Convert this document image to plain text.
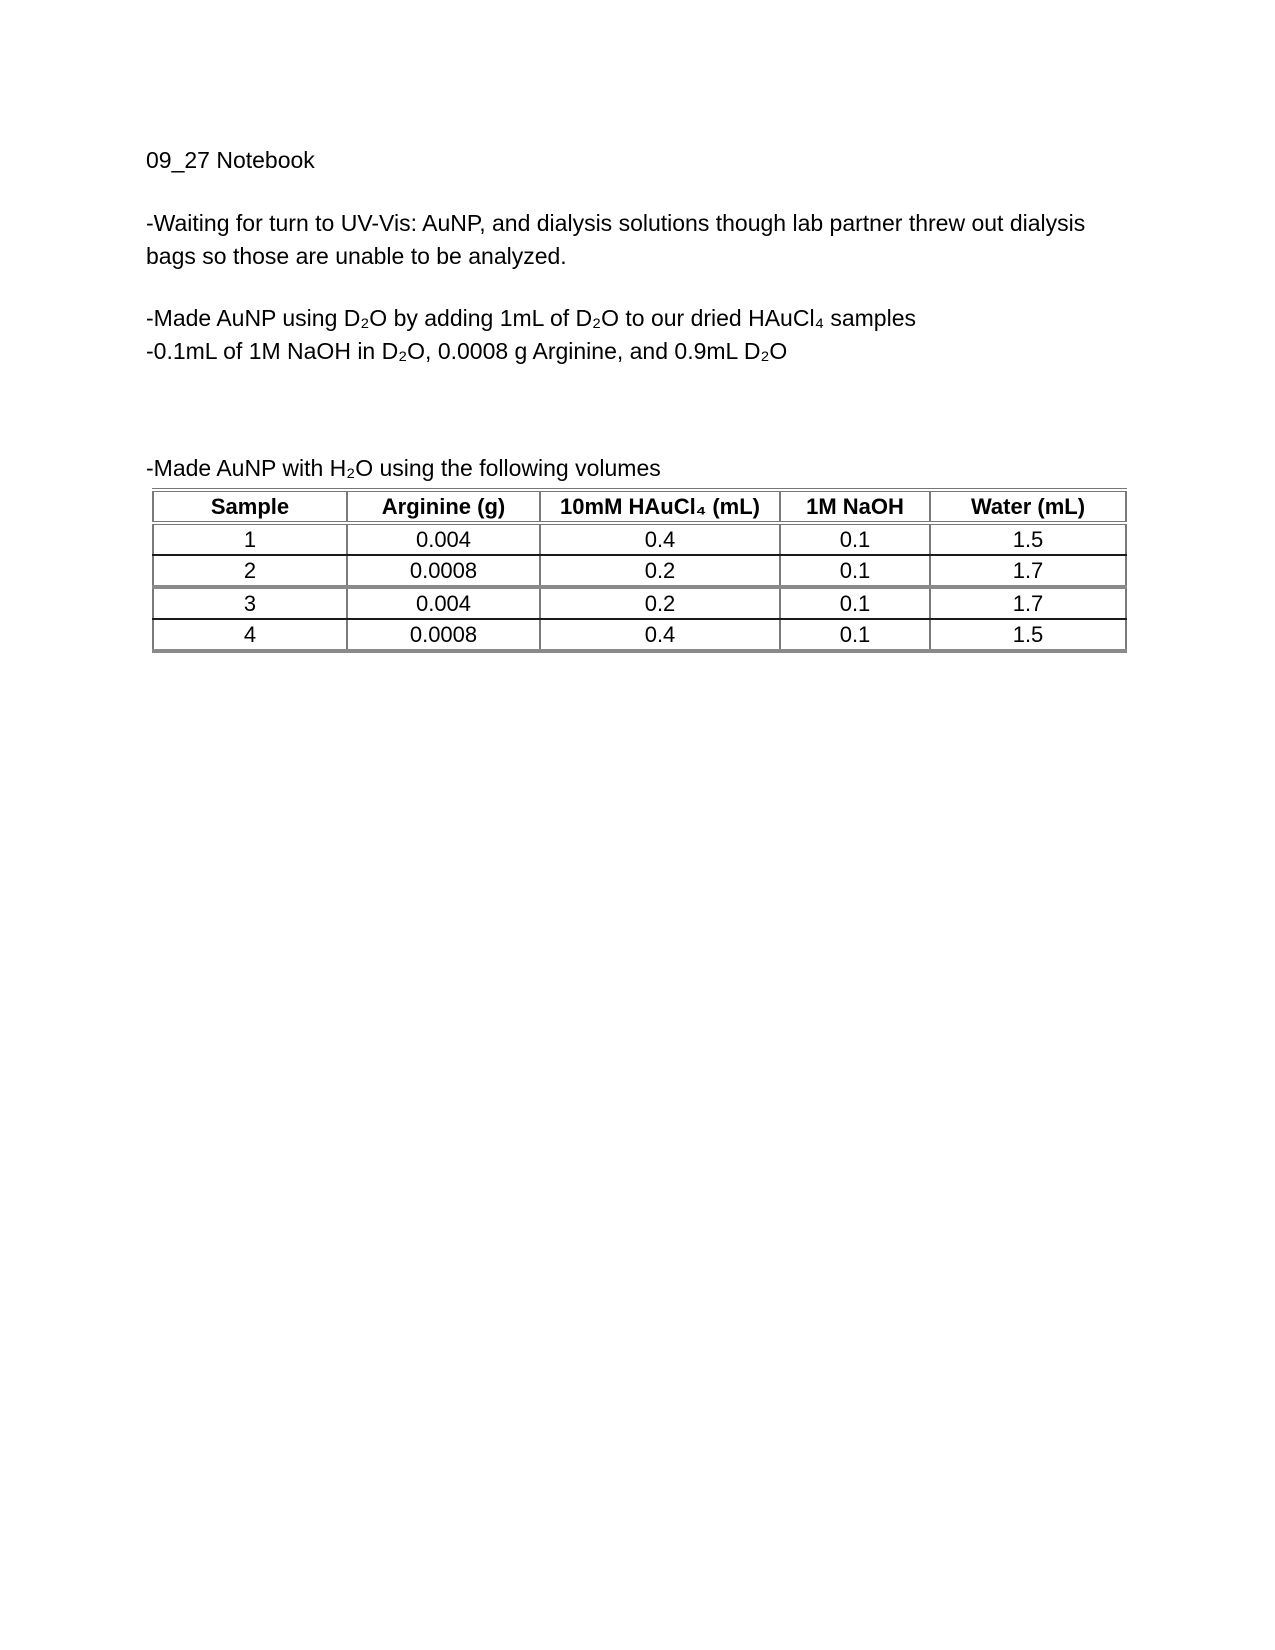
09_27 Notebook
-Waiting for turn to UV-Vis: AuNP, and dialysis solutions though lab partner threw out dialysis
bags so those are unable to be analyzed.
-Made AuNP using D₂O by adding 1mL of D₂O to our dried HAuCl₄ samples
-0.1mL of 1M NaOH in D₂O, 0.0008 g Arginine, and 0.9mL D₂O
-Made AuNP with H₂O using the following volumes
Sample	Arginine (g)	10mM HAuCl₄ (mL)	1M NaOH	Water (mL)
1	0.004	0.4	0.1	1.5
2	0.0008	0.2	0.1	1.7
3	0.004	0.2	0.1	1.7
4	0.0008	0.4	0.1	1.5
